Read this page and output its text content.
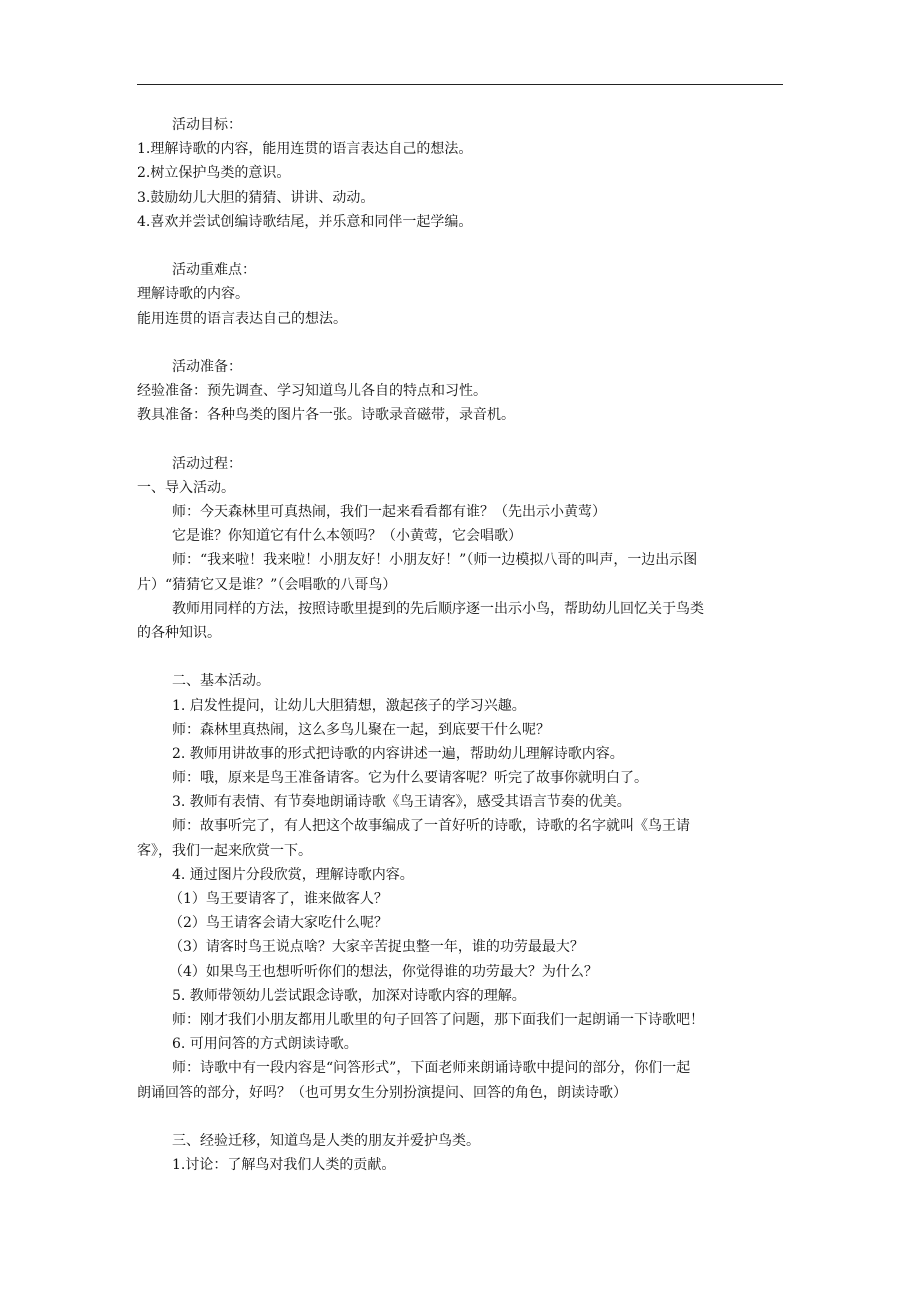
活动目标：
1.理解诗歌的内容，能用连贯的语言表达自己的想法。
2.树立保护鸟类的意识。
3.鼓励幼儿大胆的猜猜、讲讲、动动。
4.喜欢并尝试创编诗歌结尾，并乐意和同伴一起学编。
活动重难点：
理解诗歌的内容。
能用连贯的语言表达自己的想法。
活动准备：
经验准备：预先调查、学习知道鸟儿各自的特点和习性。
教具准备：各种鸟类的图片各一张。诗歌录音磁带，录音机。
活动过程：
一、导入活动。
师：今天森林里可真热闹，我们一起来看看都有谁？（先出示小黄莺）
它是谁？你知道它有什么本领吗？（小黄莺，它会唱歌）
师：“我来啦！我来啦！小朋友好！小朋友好！”（师一边模拟八哥的叫声，一边出示图
片）“猜猜它又是谁？”（会唱歌的八哥鸟）
教师用同样的方法，按照诗歌里提到的先后顺序逐一出示小鸟，帮助幼儿回忆关于鸟类
的各种知识。
二、基本活动。
1. 启发性提问，让幼儿大胆猜想，激起孩子的学习兴趣。
师：森林里真热闹，这么多鸟儿聚在一起，到底要干什么呢？
2. 教师用讲故事的形式把诗歌的内容讲述一遍，帮助幼儿理解诗歌内容。
师：哦，原来是鸟王准备请客。它为什么要请客呢？听完了故事你就明白了。
3. 教师有表情、有节奏地朗诵诗歌《鸟王请客》，感受其语言节奏的优美。
师：故事听完了，有人把这个故事编成了一首好听的诗歌，诗歌的名字就叫《鸟王请
客》，我们一起来欣赏一下。
4. 通过图片分段欣赏，理解诗歌内容。
（1）鸟王要请客了，谁来做客人？
（2）鸟王请客会请大家吃什么呢？
（3）请客时鸟王说点啥？大家辛苦捉虫整一年，谁的功劳最最大？
（4）如果鸟王也想听听你们的想法，你觉得谁的功劳最大？为什么？
5. 教师带领幼儿尝试跟念诗歌，加深对诗歌内容的理解。
师：刚才我们小朋友都用儿歌里的句子回答了问题，那下面我们一起朗诵一下诗歌吧！
6. 可用问答的方式朗读诗歌。
师：诗歌中有一段内容是“问答形式”，下面老师来朗诵诗歌中提问的部分，你们一起
朗诵回答的部分，好吗？（也可男女生分别扮演提问、回答的角色，朗读诗歌）
三、经验迁移，知道鸟是人类的朋友并爱护鸟类。
1.讨论：了解鸟对我们人类的贡献。
